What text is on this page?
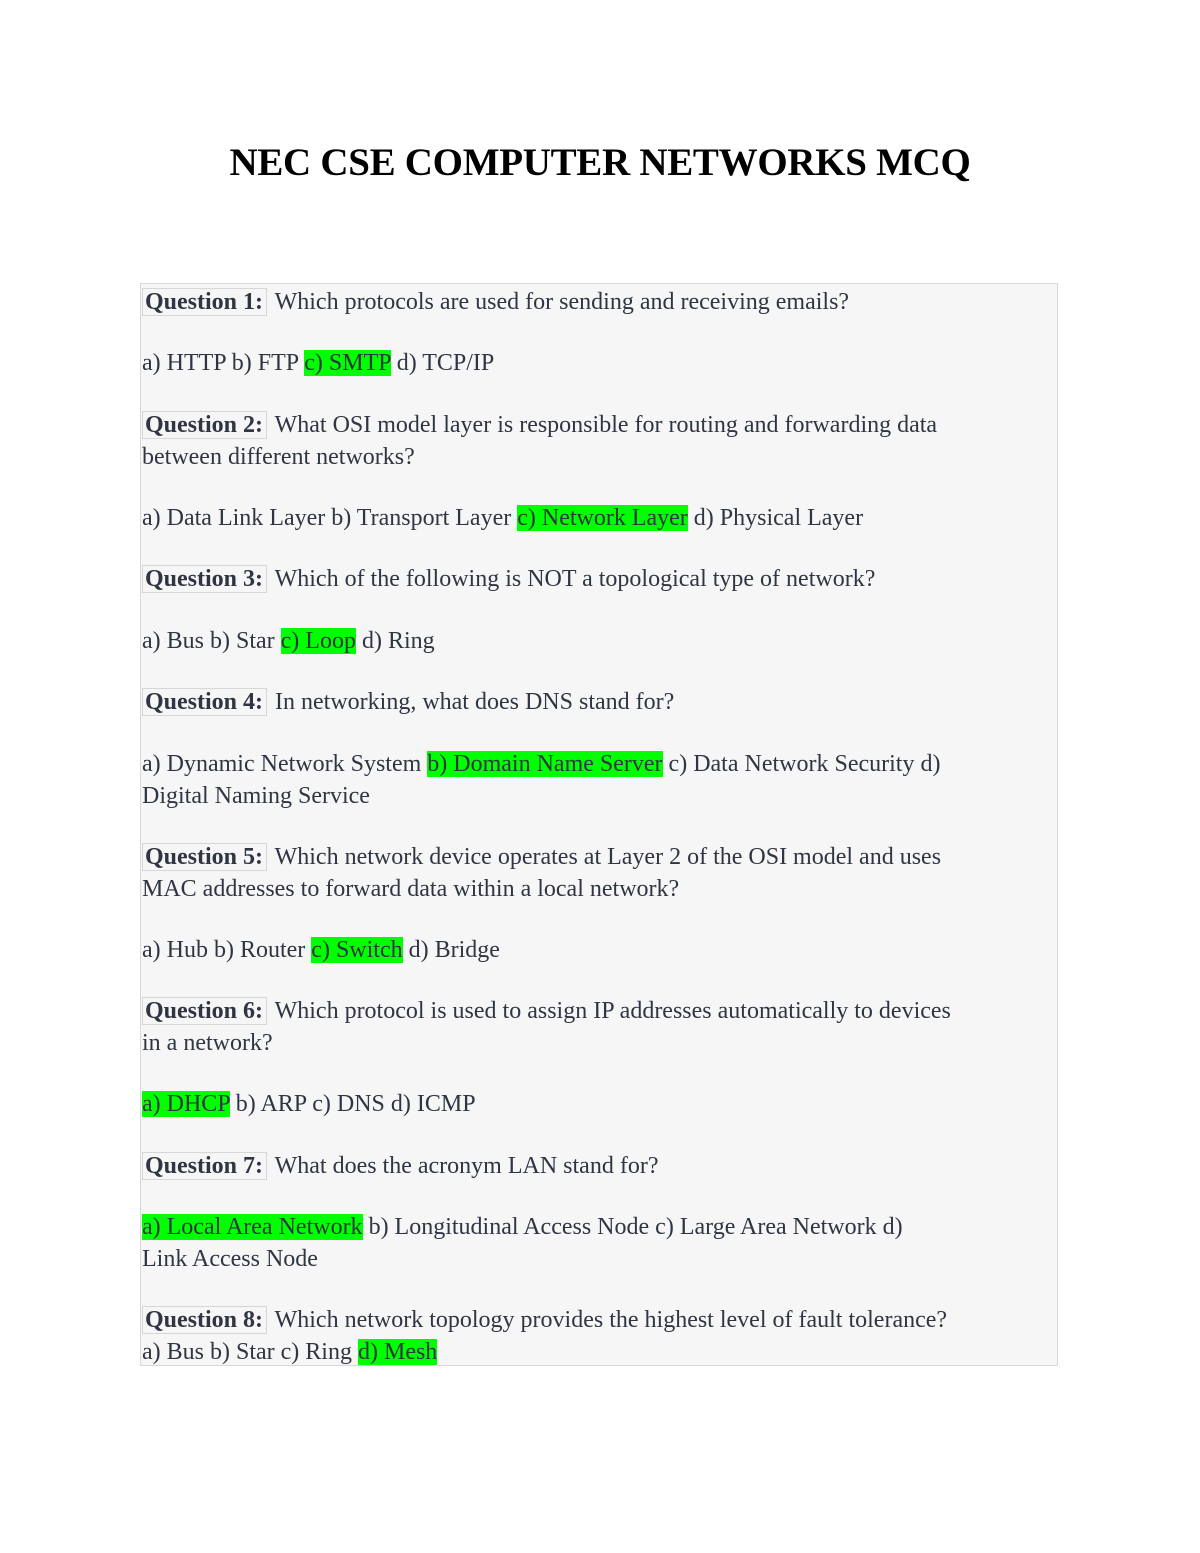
NEC CSE COMPUTER NETWORKS MCQ
Question 1: Which protocols are used for sending and receiving emails?
a) HTTP b) FTP c) SMTP d) TCP/IP
Question 2: What OSI model layer is responsible for routing and forwarding data
between different networks?
a) Data Link Layer b) Transport Layer c) Network Layer d) Physical Layer
Question 3: Which of the following is NOT a topological type of network?
a) Bus b) Star c) Loop d) Ring
Question 4: In networking, what does DNS stand for?
a) Dynamic Network System b) Domain Name Server c) Data Network Security d)
Digital Naming Service
Question 5: Which network device operates at Layer 2 of the OSI model and uses
MAC addresses to forward data within a local network?
a) Hub b) Router c) Switch d) Bridge
Question 6: Which protocol is used to assign IP addresses automatically to devices
in a network?
a) DHCP b) ARP c) DNS d) ICMP
Question 7: What does the acronym LAN stand for?
a) Local Area Network b) Longitudinal Access Node c) Large Area Network d)
Link Access Node
Question 8: Which network topology provides the highest level of fault tolerance?
a) Bus b) Star c) Ring d) Mesh
